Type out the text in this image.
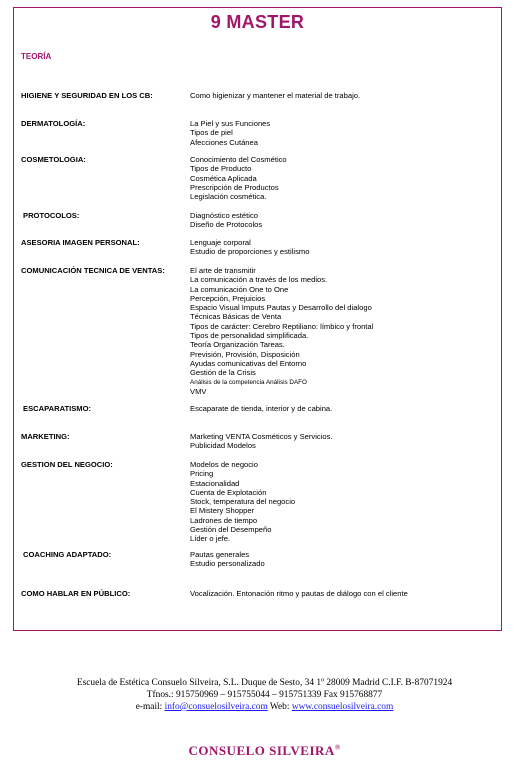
9 MASTER
TEORÍA
HIGIENE Y SEGURIDAD EN LOS CB:	Como higienizar y mantener el material de trabajo.
DERMATOLOGÍA:	La Piel y sus Funciones
Tipos de piel
Afecciones Cutánea
COSMETOLOGIA:	Conocimiento del Cosmético
Tipos de Producto
Cosmética Aplicada
Prescripción de Productos
Legislación cosmética.
PROTOCOLOS:	Diagnóstico estético
Diseño de Protocolos
ASESORIA IMAGEN PERSONAL:	Lenguaje corporal
Estudio de proporciones y estilismo
COMUNICACIÓN TECNICA DE VENTAS:	El arte de transmitir
La comunicación a través de los medios.
La comunicación One to One
Percepción, Prejuicios
Espacio Visual Imputs Pautas y Desarrollo del dialogo
Técnicas Básicas de Venta
Tipos de carácter: Cerebro Reptiliano: límbico y frontal
Tipos de personalidad simplificada.
Teoría Organización Tareas.
Previsión, Provisión, Disposición
Ayudas comunicativas del Entorno
Gestión de la Crisis
Análisis de la competencia Análisis DAFO
VMV
ESCAPARATISMO:	Escaparate de tienda, interior y de cabina.
MARKETING:	Marketing VENTA Cosméticos y Servicios.
Publicidad Modelos
GESTION DEL NEGOCIO:	Modelos de negocio
Pricing
Estacionalidad
Cuenta de Explotación
Stock, temperatura del negocio
El Mistery Shopper
Ladrones de tiempo
Gestión del Desempeño
Líder o jefe.
COACHING ADAPTADO:	Pautas generales
Estudio personalizado
COMO HABLAR EN PÚBLICO:	Vocalización. Entonación ritmo y pautas de diálogo con el cliente
Escuela de Estética Consuelo Silveira, S.L. Duque de Sesto, 34 1º 28009 Madrid C.I.F. B-87071924
Tfnos.: 915750969 – 915755044 – 915751339 Fax 915768877
e-mail: info@consuelosilveira.com Web: www.consuelosilveira.com
CONSUELO SILVEIRA®
